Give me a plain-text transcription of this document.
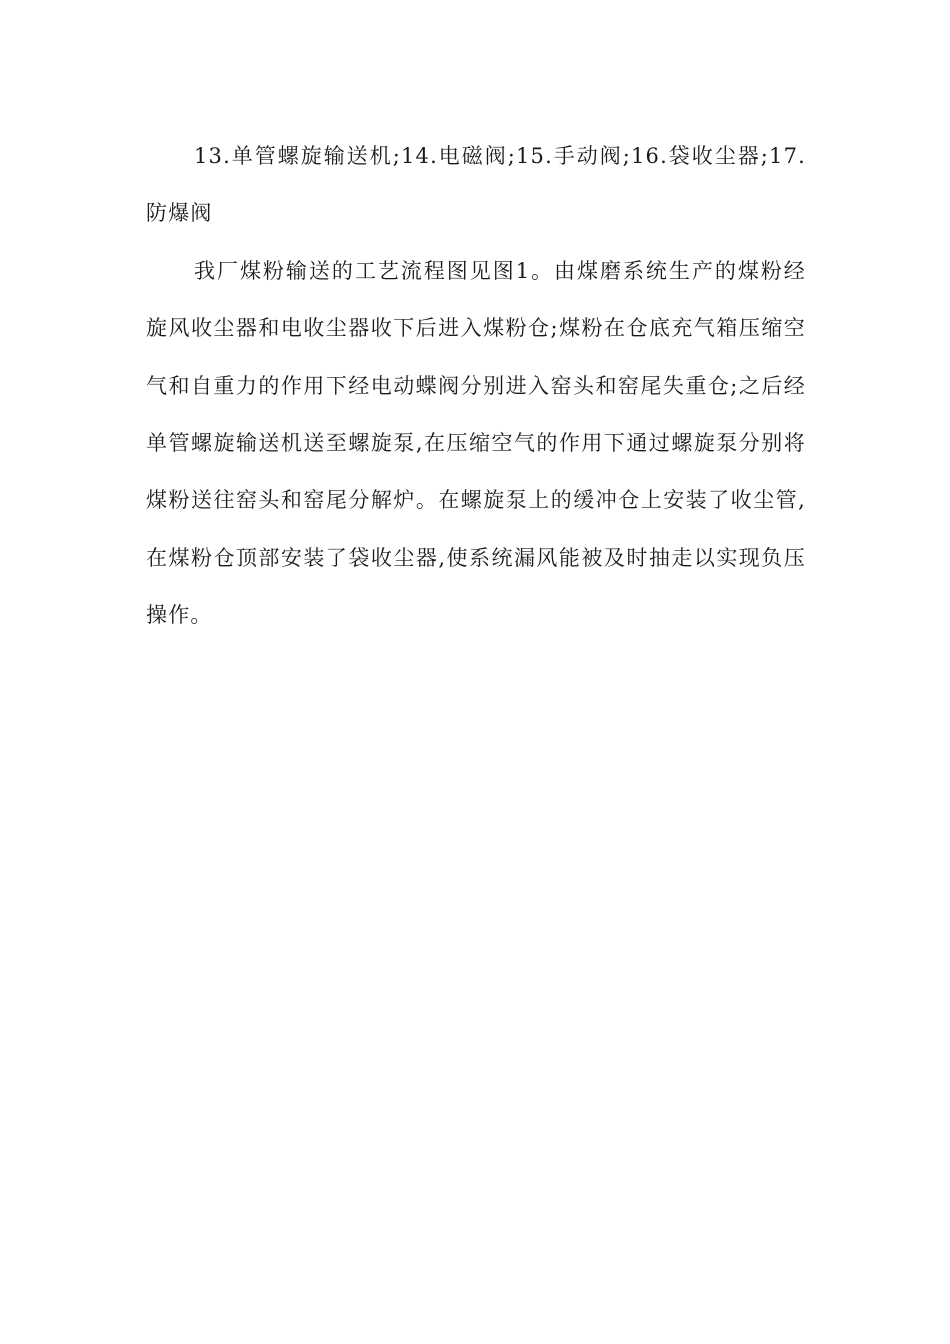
13.单管螺旋输送机;14.电磁阀;15.手动阀;16.袋收尘器;17.防爆阀

我厂煤粉输送的工艺流程图见图1。由煤磨系统生产的煤粉经旋风收尘器和电收尘器收下后进入煤粉仓;煤粉在仓底充气箱压缩空气和自重力的作用下经电动蝶阀分别进入窑头和窑尾失重仓;之后经单管螺旋输送机送至螺旋泵,在压缩空气的作用下通过螺旋泵分别将煤粉送往窑头和窑尾分解炉。在螺旋泵上的缓冲仓上安装了收尘管,在煤粉仓顶部安装了袋收尘器,使系统漏风能被及时抽走以实现负压操作。
